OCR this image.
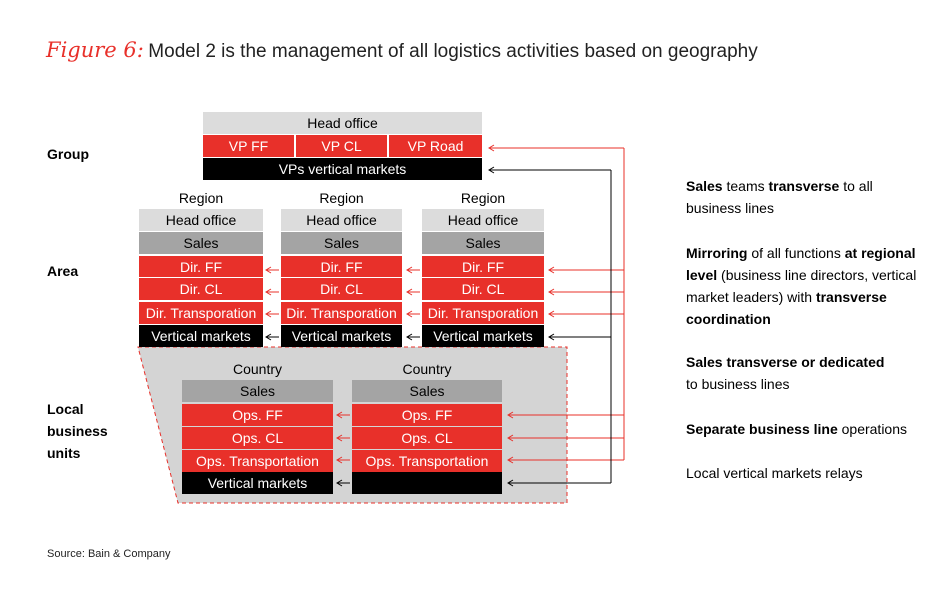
Figure 6: Model 2 is the management of all logistics activities based on geography
Group
Area
Local
business
units
Head office
VP FF	VP CL	VP Road
VPs vertical markets
Region
Head office
Sales
Dir. FF
Dir. CL
Dir. Transporation
Vertical markets
Region
Head office
Sales
Dir. FF
Dir. CL
Dir. Transporation
Vertical markets
Region
Head office
Sales
Dir. FF
Dir. CL
Dir. Transporation
Vertical markets
Country
Sales
Ops. FF
Ops. CL
Ops. Transportation
Vertical markets
Country
Sales
Ops. FF
Ops. CL
Ops. Transportation
Sales teams transverse to all business lines
Mirroring of all functions at regional level (business line directors, vertical market leaders) with transverse coordination
Sales transverse or dedicated
to business lines
Separate business line operations
Local vertical markets relays
Source: Bain & Company
